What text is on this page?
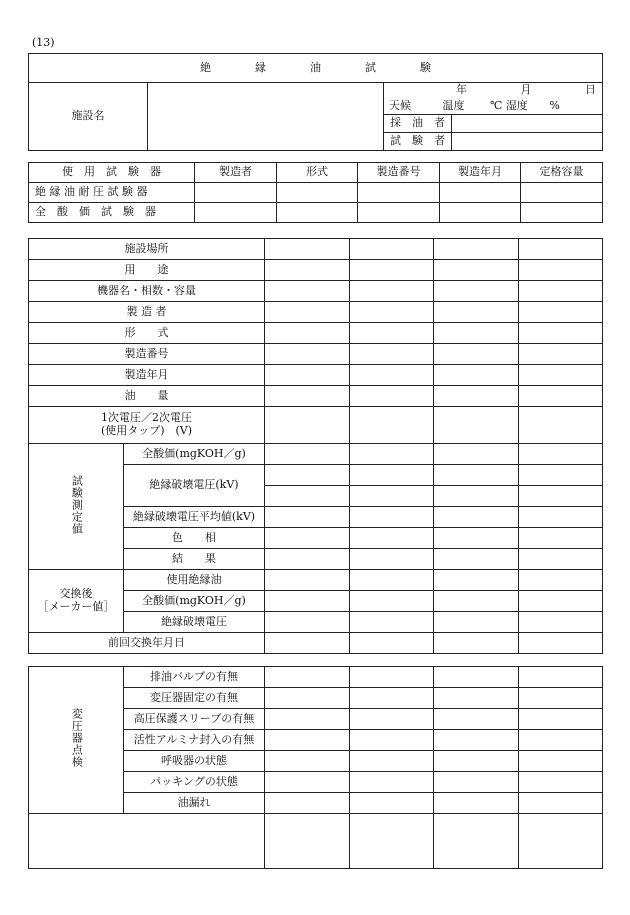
(13)
絶 縁 油 試 験			
施設名		年 月 日
天候 温度 ℃ 湿度 %	

		採　油　者	
		試　験　者	
使　用　試　験　器	製造者	形式	製造番号	製造年月	定格容量
絶 縁 油 耐 圧 試 験 器					
全　酸　価　試　験　器					
施設場所				
用　　途				
機器名・相数・容量				
製 造 者				
形　　式				
製造番号				
製造年月				
油　　量				

1次電圧／2次電圧
(使用タップ)　(V)

試験測定値	全酸価(mgKOH／g)				
絶縁破壊電圧(kV)	

絶縁破壊電圧平均値(kV)				
色　　相				
結　　果				

交換後
［メーカー値］
	使用絶縁油				
全酸価(mgKOH／g)				
絶縁破壊電圧				
前回交換年月日				
変圧器点検	排油バルブの有無				
	変圧器固定の有無				
	高圧保護スリーブの有無				
	活性アルミナ封入の有無				
	呼吸器の状態				
	パッキングの状態				
	油漏れ				
